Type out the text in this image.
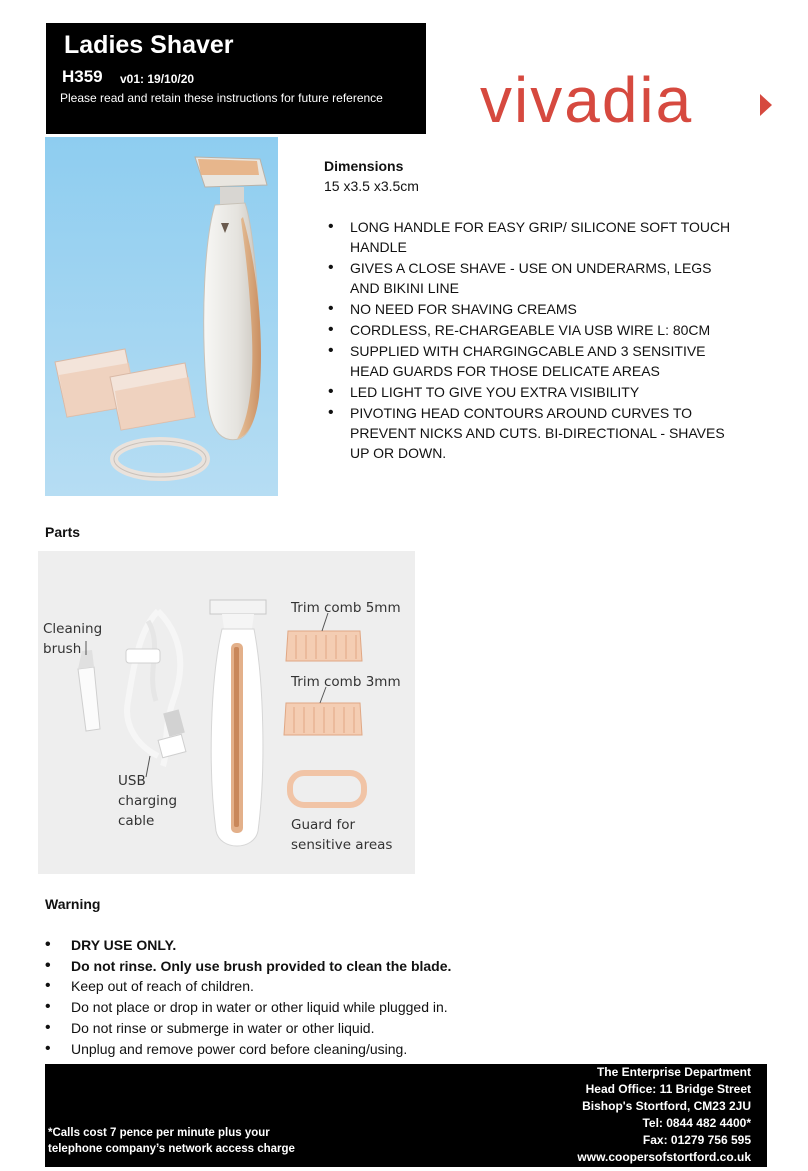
Ladies Shaver
H359 v01: 19/10/20
Please read and retain these instructions for future reference vivadia
Dimensions
15 x3.5 x3.5cm
• LONG HANDLE FOR EASY GRIP/ SILICONE SOFT TOUCH HANDLE
• GIVES A CLOSE SHAVE - USE ON UNDERARMS, LEGS AND BIKINI LINE
• NO NEED FOR SHAVING CREAMS
• CORDLESS, RE-CHARGEABLE VIA USB WIRE L: 80CM
• SUPPLIED WITH CHARGINGCABLE AND 3 SENSITIVE HEAD GUARDS FOR THOSE DELICATE AREAS
• LED LIGHT TO GIVE YOU EXTRA VISIBILITY
• PIVOTING HEAD CONTOURS AROUND CURVES TO PREVENT NICKS AND CUTS. BI-DIRECTIONAL - SHAVES UP OR DOWN.
Parts
Cleaning
brush
USB
charging
cable
Trim comb 5mm
Trim comb 3mm
Guard for
sensitive areas
Warning
• DRY USE ONLY.
• Do not rinse. Only use brush provided to clean the blade.
• Keep out of reach of children.
• Do not place or drop in water or other liquid while plugged in.
• Do not rinse or submerge in water or other liquid.
• Unplug and remove power cord before cleaning/using.
The Enterprise Department
Head Office: 11 Bridge Street
Bishop's Stortford, CM23 2JU
Tel: 0844 482 4400*
Fax: 01279 756 595
www.coopersofstortford.co.uk
*Calls cost 7 pence per minute plus your
telephone company’s network access charge
